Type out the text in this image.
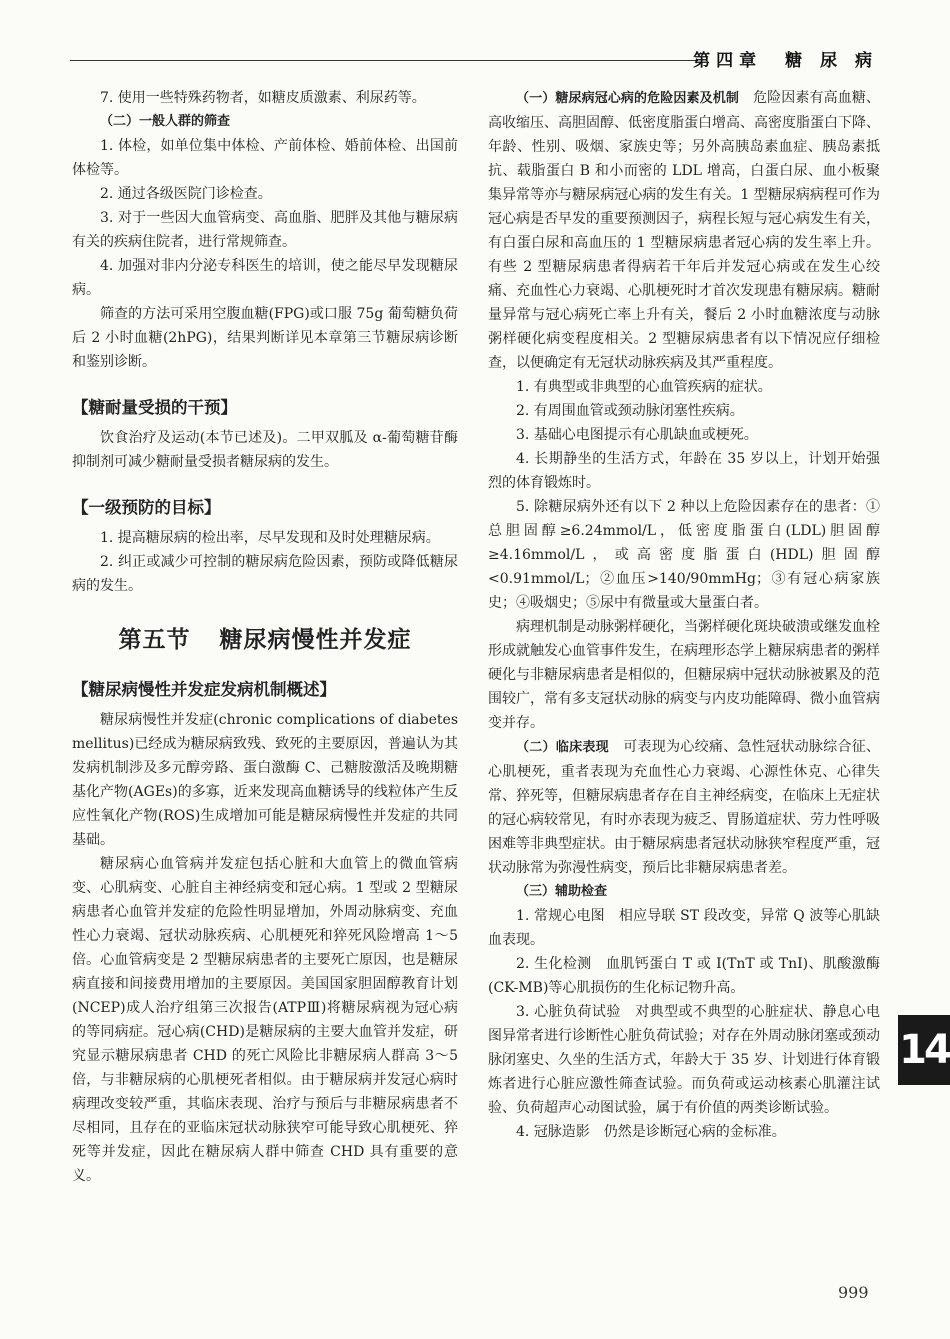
第四章　糖 尿 病

7. 使用一些特殊药物者，如糖皮质激素、利尿药等。

（二）一般人群的筛查

1. 体检，如单位集中体检、产前体检、婚前体检、出国前体检等。

2. 通过各级医院门诊检查。

3. 对于一些因大血管病变、高血脂、肥胖及其他与糖尿病有关的疾病住院者，进行常规筛查。

4. 加强对非内分泌专科医生的培训，使之能尽早发现糖尿病。

筛查的方法可采用空腹血糖(FPG)或口服 75g 葡萄糖负荷后 2 小时血糖(2hPG)，结果判断详见本章第三节糖尿病诊断和鉴别诊断。

【糖耐量受损的干预】

饮食治疗及运动(本节已述及)。二甲双胍及 α-葡萄糖苷酶抑制剂可减少糖耐量受损者糖尿病的发生。

【一级预防的目标】

1. 提高糖尿病的检出率，尽早发现和及时处理糖尿病。

2. 纠正或减少可控制的糖尿病危险因素，预防或降低糖尿病的发生。

第五节 糖尿病慢性并发症
【糖尿病慢性并发症发病机制概述】

糖尿病慢性并发症(chronic complications of diabetes mellitus)已经成为糖尿病致残、致死的主要原因，普遍认为其发病机制涉及多元醇旁路、蛋白激酶 C、己糖胺激活及晚期糖基化产物(AGEs)的多寡，近来发现高血糖诱导的线粒体产生反应性氧化产物(ROS)生成增加可能是糖尿病慢性并发症的共同基础。

糖尿病心血管病并发症包括心脏和大血管上的微血管病变、心肌病变、心脏自主神经病变和冠心病。1 型或 2 型糖尿病患者心血管并发症的危险性明显增加，外周动脉病变、充血性心力衰竭、冠状动脉疾病、心肌梗死和猝死风险增高 1～5 倍。心血管病变是 2 型糖尿病患者的主要死亡原因，也是糖尿病直接和间接费用增加的主要原因。美国国家胆固醇教育计划(NCEP)成人治疗组第三次报告(ATPⅢ)将糖尿病视为冠心病的等同病症。冠心病(CHD)是糖尿病的主要大血管并发症，研究显示糖尿病患者 CHD 的死亡风险比非糖尿病人群高 3～5 倍，与非糖尿病的心肌梗死者相似。由于糖尿病并发冠心病时病理改变较严重，其临床表现、治疗与预后与非糖尿病患者不尽相同，且存在的亚临床冠状动脉狭窄可能导致心肌梗死、猝死等并发症，因此在糖尿病人群中筛查 CHD 具有重要的意义。

（一）糖尿病冠心病的危险因素及机制　危险因素有高血糖、高收缩压、高胆固醇、低密度脂蛋白增高、高密度脂蛋白下降、年龄、性别、吸烟、家族史等；另外高胰岛素血症、胰岛素抵抗、载脂蛋白 B 和小而密的 LDL 增高，白蛋白尿、血小板聚集异常等亦与糖尿病冠心病的发生有关。1 型糖尿病病程可作为冠心病是否早发的重要预测因子，病程长短与冠心病发生有关，有白蛋白尿和高血压的 1 型糖尿病患者冠心病的发生率上升。有些 2 型糖尿病患者得病若干年后并发冠心病或在发生心绞痛、充血性心力衰竭、心肌梗死时才首次发现患有糖尿病。糖耐量异常与冠心病死亡率上升有关，餐后 2 小时血糖浓度与动脉粥样硬化病变程度相关。2 型糖尿病患者有以下情况应仔细检查，以便确定有无冠状动脉疾病及其严重程度。

1. 有典型或非典型的心血管疾病的症状。

2. 有周围血管或颈动脉闭塞性疾病。

3. 基础心电图提示有心肌缺血或梗死。

4. 长期静坐的生活方式，年龄在 35 岁以上，计划开始强烈的体育锻炼时。

5. 除糖尿病外还有以下 2 种以上危险因素存在的患者：①总胆固醇≥6.24mmol/L，低密度脂蛋白(LDL)胆固醇≥4.16mmol/L，或高密度脂蛋白(HDL)胆固醇<0.91mmol/L；②血压>140/90mmHg；③有冠心病家族史；④吸烟史；⑤尿中有微量或大量蛋白者。

病理机制是动脉粥样硬化，当粥样硬化斑块破溃或继发血栓形成就触发心血管事件发生，在病理形态学上糖尿病患者的粥样硬化与非糖尿病患者是相似的，但糖尿病中冠状动脉被累及的范围较广，常有多支冠状动脉的病变与内皮功能障碍、微小血管病变并存。

（二）临床表现　可表现为心绞痛、急性冠状动脉综合征、心肌梗死，重者表现为充血性心力衰竭、心源性休克、心律失常、猝死等，但糖尿病患者存在自主神经病变，在临床上无症状的冠心病较常见，有时亦表现为疲乏、胃肠道症状、劳力性呼吸困难等非典型症状。由于糖尿病患者冠状动脉狭窄程度严重，冠状动脉常为弥漫性病变，预后比非糖尿病患者差。

（三）辅助检查

1. 常规心电图　相应导联 ST 段改变，异常 Q 波等心肌缺血表现。

2. 生化检测　血肌钙蛋白 T 或 I(TnT 或 TnI)、肌酸激酶(CK-MB)等心肌损伤的生化标记物升高。

3. 心脏负荷试验　对典型或不典型的心脏症状、静息心电图异常者进行诊断性心脏负荷试验；对存在外周动脉闭塞或颈动脉闭塞史、久坐的生活方式，年龄大于 35 岁、计划进行体育锻炼者进行心脏应激性筛查试验。而负荷或运动核素心肌灌注试验、负荷超声心动图试验，属于有价值的两类诊断试验。

4. 冠脉造影　仍然是诊断冠心病的金标准。

14
999
